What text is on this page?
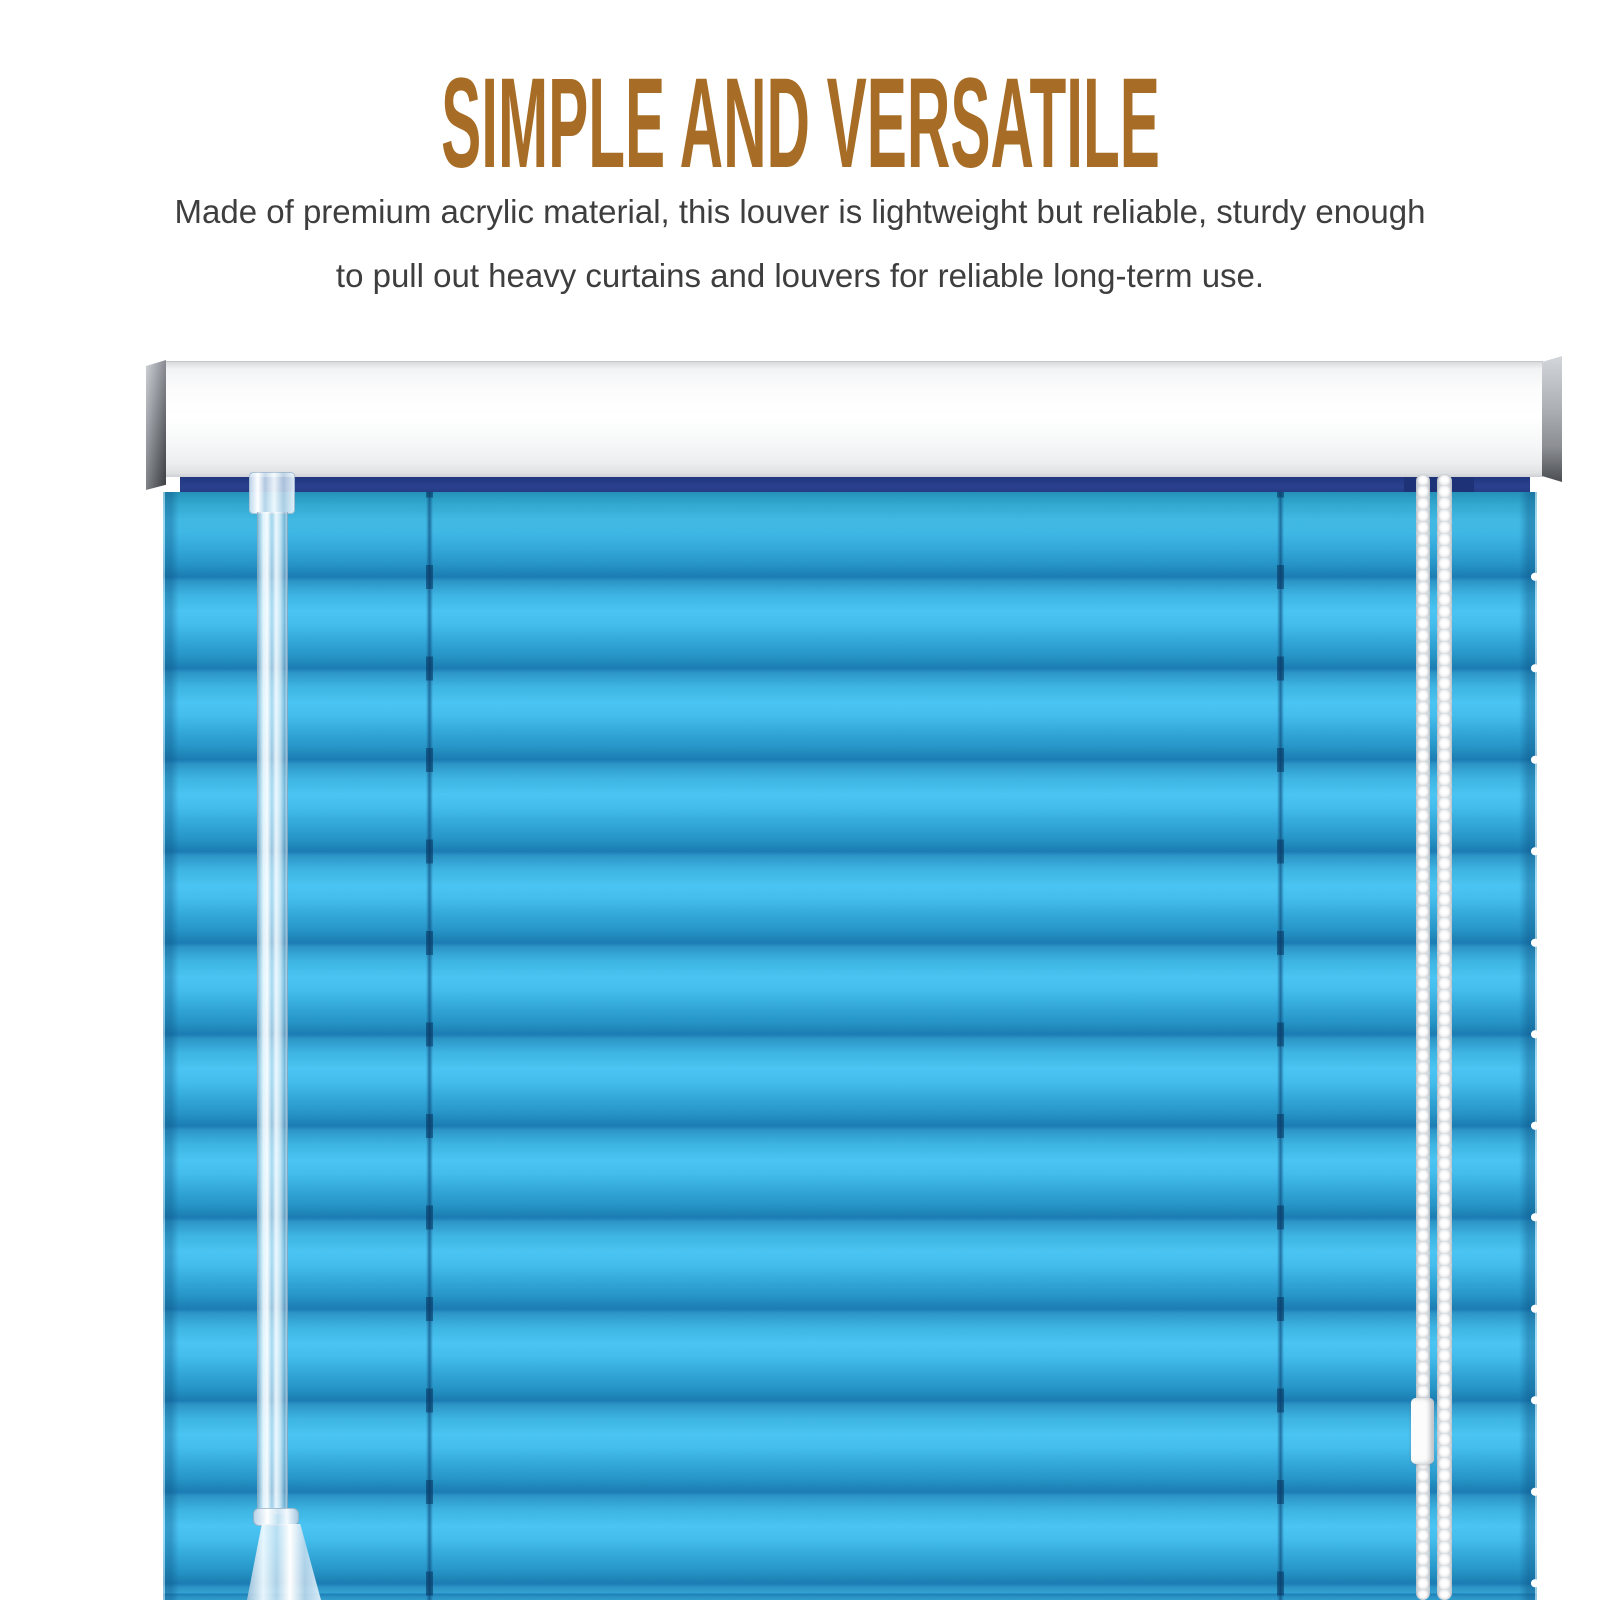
SIMPLE AND VERSATILE
Made of premium acrylic material, this louver is lightweight but reliable, sturdy enough
to pull out heavy curtains and louvers for reliable long-term use.
